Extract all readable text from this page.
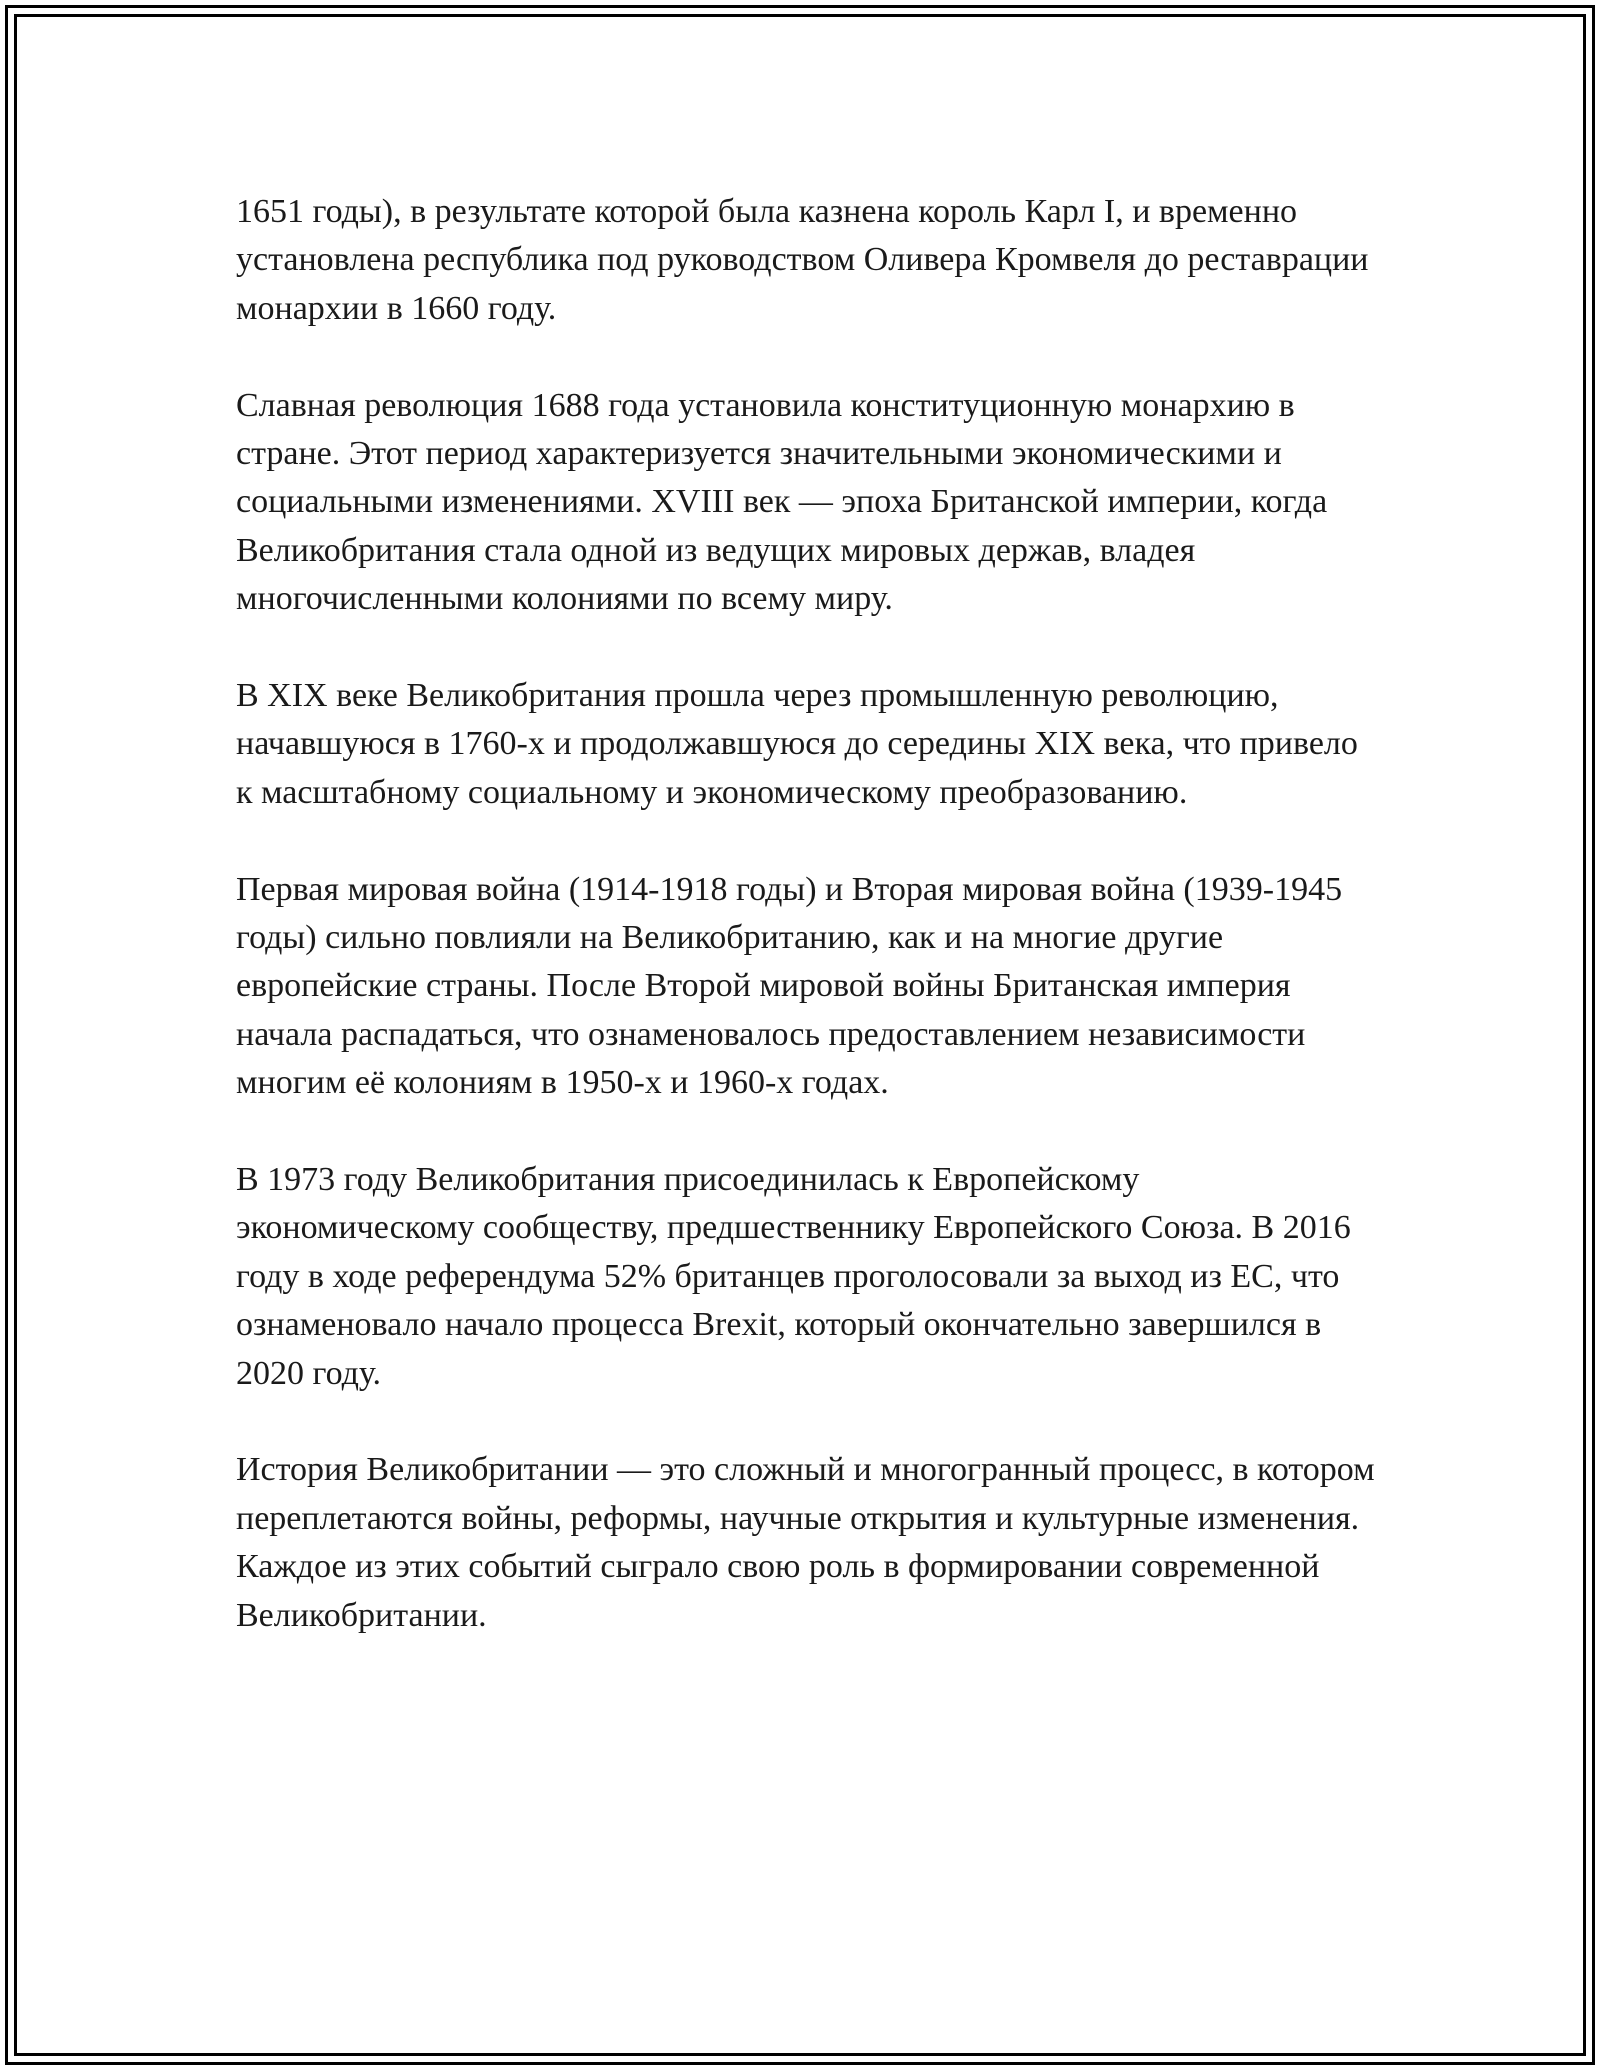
1651 годы), в результате которой была казнена король Карл I, и временно установлена республика под руководством Оливера Кромвеля до реставрации монархии в 1660 году.

Славная революция 1688 года установила конституционную монархию в стране. Этот период характеризуется значительными экономическими и социальными изменениями. XVIII век — эпоха Британской империи, когда Великобритания стала одной из ведущих мировых держав, владея многочисленными колониями по всему миру.

В XIX веке Великобритания прошла через промышленную революцию, начавшуюся в 1760-х и продолжавшуюся до середины XIX века, что привело к масштабному социальному и экономическому преобразованию.

Первая мировая война (1914-1918 годы) и Вторая мировая война (1939-1945 годы) сильно повлияли на Великобританию, как и на многие другие европейские страны. После Второй мировой войны Британская империя начала распадаться, что ознаменовалось предоставлением независимости многим её колониям в 1950-х и 1960-х годах.

В 1973 году Великобритания присоединилась к Европейскому экономическому сообществу, предшественнику Европейского Союза. В 2016 году в ходе референдума 52% британцев проголосовали за выход из ЕС, что ознаменовало начало процесса Brexit, который окончательно завершился в 2020 году.

История Великобритании — это сложный и многогранный процесс, в котором переплетаются войны, реформы, научные открытия и культурные изменения. Каждое из этих событий сыграло свою роль в формировании современной Великобритании.
